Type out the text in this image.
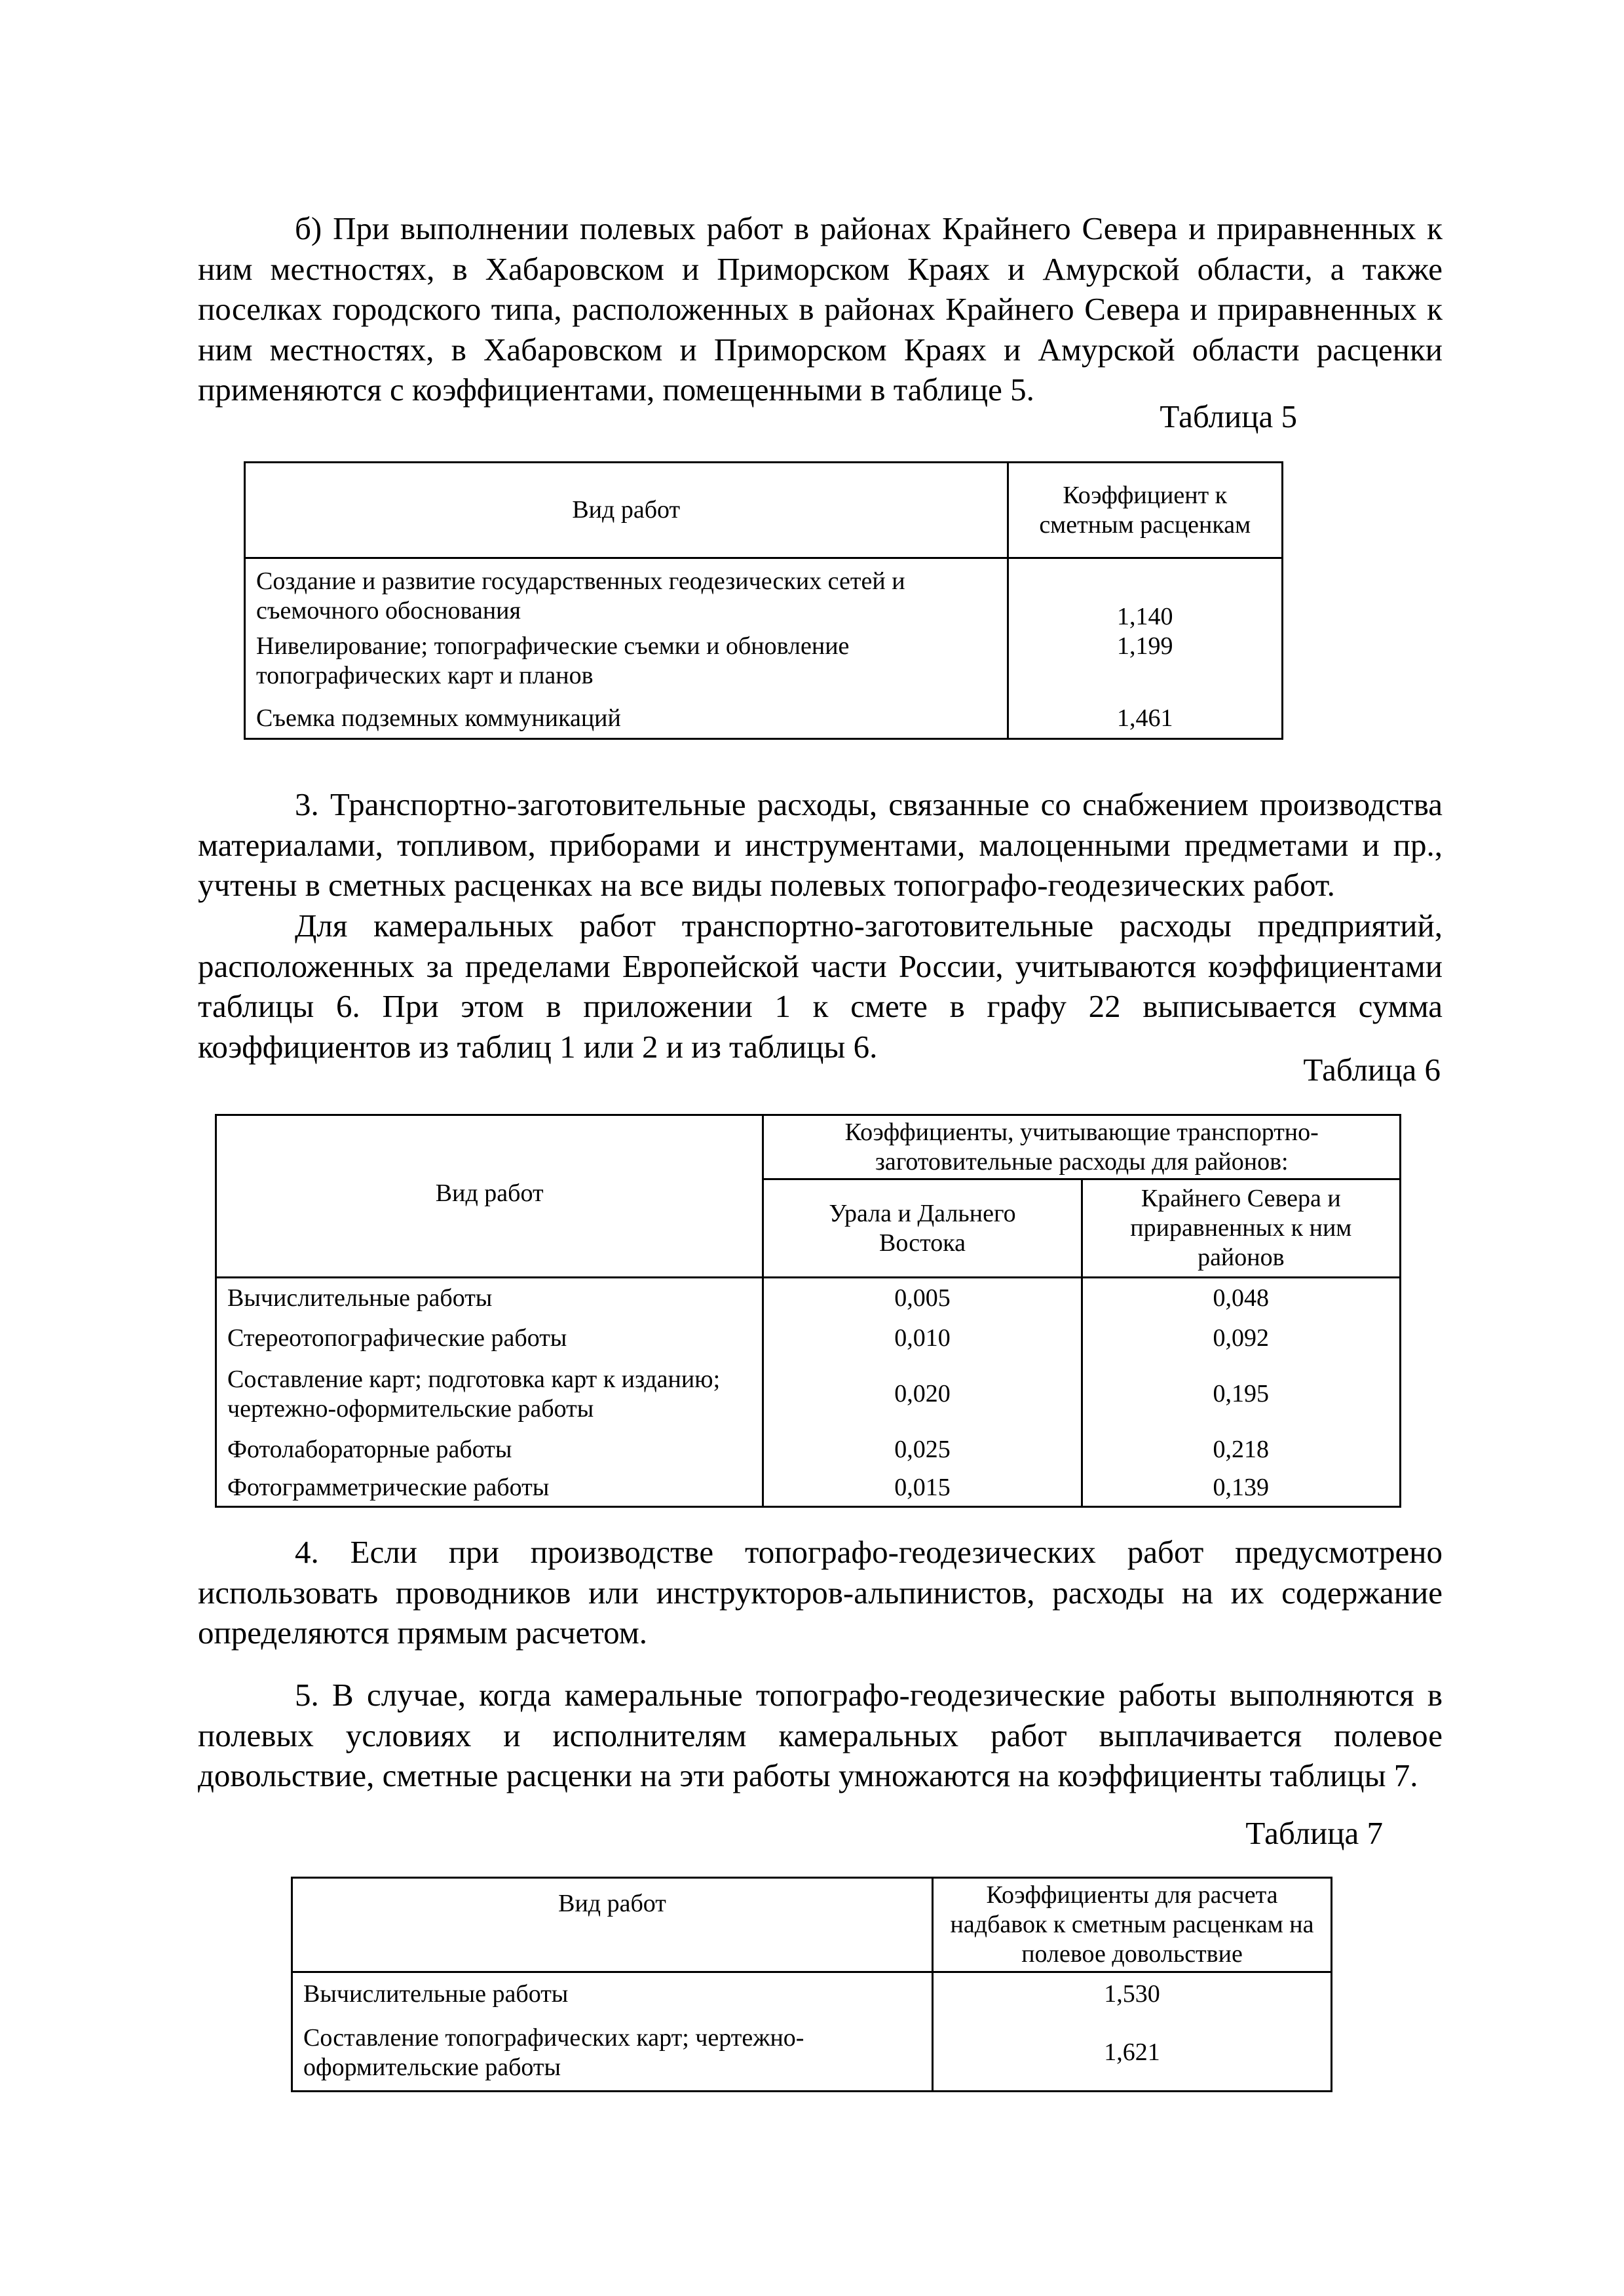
б) При выполнении полевых работ в районах Крайнего Севера и приравненных к ним местностях, в Хабаровском и Приморском Краях и Амурской области, а также поселках городского типа, расположенных в районах Крайнего Севера и приравненных к ним местностях, в Хабаровском и Приморском Краях и Амурской области расценки применяются с коэффициентами, помещенными в таблице 5.

Таблица 5
Вид работ	Коэффициент к сметным расценкам
Создание и развитие государственных геодезических сетей и съемочного обоснования	1,140
Нивелирование; топографические съемки и обновление топографических карт и планов	1,199
Съемка подземных коммуникаций	1,461

3. Транспортно-заготовительные расходы, связанные со снабжением производства материалами, топливом, приборами и инструментами, малоценными предметами и пр., учтены в сметных расценках на все виды полевых топографо-геодезических работ.

Для камеральных работ транспортно-заготовительные расходы предприятий, расположенных за пределами Европейской части России, учитываются коэффициентами таблицы 6. При этом в приложении 1 к смете в графу 22 выписывается сумма коэффициентов из таблиц 1 или 2 и из таблицы 6.

Таблица 6
Вид работ	Коэффициенты, учитывающие транспортно-заготовительные расходы для районов:	
	Урала и Дальнего Востока	Крайнего Севера и приравненных к ним районов
Вычислительные работы	0,005	0,048
Стереотопографические работы	0,010	0,092
Составление карт; подготовка карт к изданию; чертежно-оформительские работы	0,020	0,195
Фотолабораторные работы	0,025	0,218
Фотограмметрические работы	0,015	0,139

4. Если при производстве топографо-геодезических работ предусмотрено использовать проводников или инструкторов-альпинистов, расходы на их содержание определяются прямым расчетом.

5. В случае, когда камеральные топографо-геодезические работы выполняются в полевых условиях и исполнителям камеральных работ выплачивается полевое довольствие, сметные расценки на эти работы умножаются на коэффициенты таблицы 7.

Таблица 7
Вид работ	Коэффициенты для расчета надбавок к сметным расценкам на полевое довольствие
Вычислительные работы	1,530
Составление топографических карт; чертежно-оформительские работы	1,621
